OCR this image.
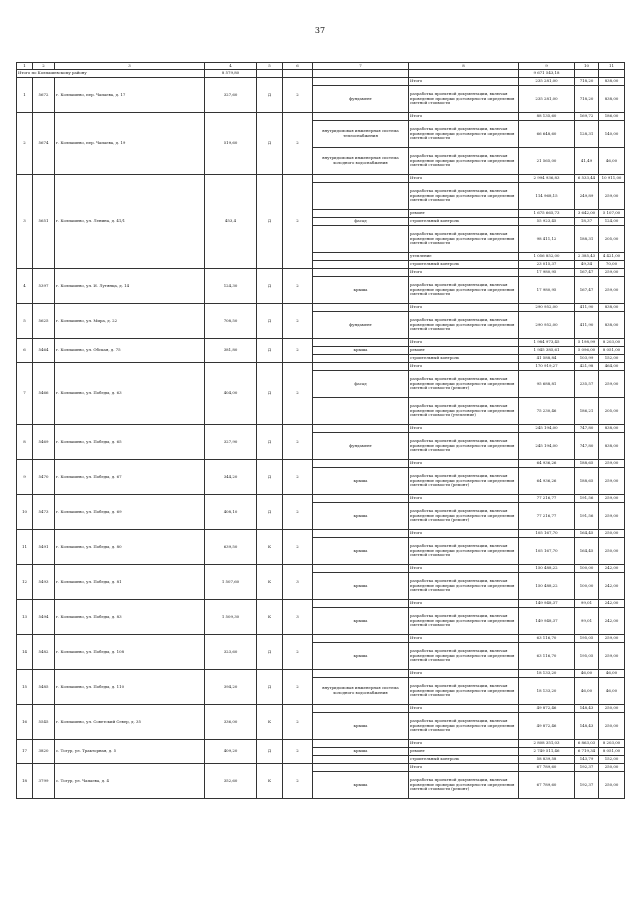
37
1	2	3	4	5	6	7	8	9	10	11
Итого по Колпашевскому району			8 579,80					9 671 543,18		
1	5672	г. Колпашево, пер. Чапаева, д. 17	327,60	Д	2		Итого	235 281,00	718,20	838,00
						фундамент	разработка проектной документации, включая проведение проверки достоверности определения сметной стоимости	235 281,00	718,20	838,00
2	5674	г. Колпашево, пер. Чапаева, д. 19	519,60	Д	2		Итого	88 135,60	169,72	186,00
						внутридомовая инженерная система теплоснабжения	разработка проектной документации, включая проведение проверки достоверности определения сметной стоимости	66 648,60	128,31	140,00
						внутридомовая инженерная система холодного водоснабжения	разработка проектной документации, включая проведение проверки достоверности определения сметной стоимости	21 565,00	41,49	46,00
3	5651	г. Колпашево, ул. Ленина, д. 41/1	453,4	Д	2		Итого	2 994 936,83	6 533,44	10 911,00
							разработка проектной документации, включая проведение проверки достоверности определения сметной стоимости	114 968,15	249,89	259,00
							ремонт	1 675 665,73	3 642,00	5 107,00
						фасад	строительный контроль	55 923,45	18,37	124,00
							разработка проектной документации, включая проведение проверки достоверности определения сметной стоимости	98 411,12	188,31	205,00
							утепление	1 056 852,00	2 385,43	4 421,00
							строительный контроль	23 015,37	49,34	70,00
4	5397	г. Колпашево, ул. И. Лутянца, д. 14	124,30	Д	2		Итого	17 980,95	167,47	259,00
						крыша	разработка проектной документации, включая проведение проверки достоверности определения сметной стоимости	17 980,95	167,47	259,00
5	5625	г. Колпашево, ул. Мира, д. 22	708,50	Д	2		Итого	290 952,00	411,90	838,00
						фундамент	разработка проектной документации, включая проведение проверки достоверности определения сметной стоимости	290 952,00	411,90	838,00
6	5464	г. Колпашево, ул. Обская, д. 75	381,80	Д	2		Итого	1 984 973,45	5 198,99	8 203,00
						крыша	ремонт	1 945 385,61	5 096,00	8 051,00
							строительный контроль	41 588,84	103,99	152,00
7	5466	г. Колпашево, ул. Победы, д. 63	404,00	Д	2		Итого	170 919,27	421,98	464,00
						фасад	разработка проектной документации, включая проведение проверки достоверности определения сметной стоимости (ремонт)	95 688,81	235,57	259,00
							разработка проектной документации, включая проведение проверки достоверности определения сметной стоимости (утепление)	75 230,46	186,21	205,00
8	5469	г. Колпашево, ул. Победы, д. 65	327,90	Д	2		Итого	245 194,00	747,80	838,00
						фундамент	разработка проектной документации, включая проведение проверки достоверности определения сметной стоимости	245 194,00	747,80	838,00
9	5470	г. Колпашево, ул. Победы, д. 67	344,20	Д	2		Итого	64 936,26	188,65	259,00
						крыша	разработка проектной документации, включая проведение проверки достоверности определения сметной стоимости (ремонт)	64 936,26	188,65	259,00
10	5473	г. Колпашево, ул. Победы, д. 69	408,10	Д	2		Итого	77 216,77	191,56	259,00
						крыша	разработка проектной документации, включая проведение проверки достоверности определения сметной стоимости (ремонт)	77 216,77	191,56	259,00
11	5491	г. Колпашево, ул. Победы, д. 80	639,50	К	2		Итого	105 167,70	164,45	250,00
						крыша	разработка проектной документации, включая проведение проверки достоверности определения сметной стоимости	105 167,70	164,45	250,00
12	5493	г. Колпашево, ул. Победы, д. 81	1 507,60	К	3		Итого	150 488,22	100,00	242,00
						крыша	разработка проектной документации, включая проведение проверки достоверности определения сметной стоимости	150 488,22	100,00	242,00
13	5494	г. Колпашево, ул. Победы, д. 83	1 509,30	К	3		Итого	149 948,37	99,01	242,00
						крыша	разработка проектной документации, включая проведение проверки достоверности определения сметной стоимости	149 948,37	99,01	242,00
14	5482	г. Колпашево, ул. Победы, д. 108	323,60	Д	2		Итого	63 116,70	195,05	259,00
						крыша	разработка проектной документации, включая проведение проверки достоверности определения сметной стоимости	63 116,70	195,05	259,00
15	5485	г. Колпашево, ул. Победы, д. 110	394,20	Д	2		Итого	18 133,20	46,00	46,00
						внутридомовая инженерная система холодного водоснабжения	разработка проектной документации, включая проведение проверки достоверности определения сметной стоимости	18 133,20	46,00	46,00
16	5545	г. Колпашево, ул. Советский Север, д. 35	336,00	К	2		Итого	49 872,46	148,43	250,00
						крыша	разработка проектной документации, включая проведение проверки достоверности определения сметной стоимости	49 872,46	148,43	250,00
17	3820	с. Тогур, ул. Тракторная, д. 5	409,20	Д	2		Итого	2 808 351,03	6 863,03	8 203,00
						крыша	ремонт	2 749 511,46	6 719,34	8 051,00
							строительный контроль	58 839,58	143,79	152,00
18	3799	с. Тогур, ул. Чапаева, д. 4	352,60	К	2		Итого	67 789,60	192,37	250,00
						крыша	разработка проектной документации, включая проведение проверки достоверности определения сметной стоимости (ремонт)	67 789,60	192,37	250,00
